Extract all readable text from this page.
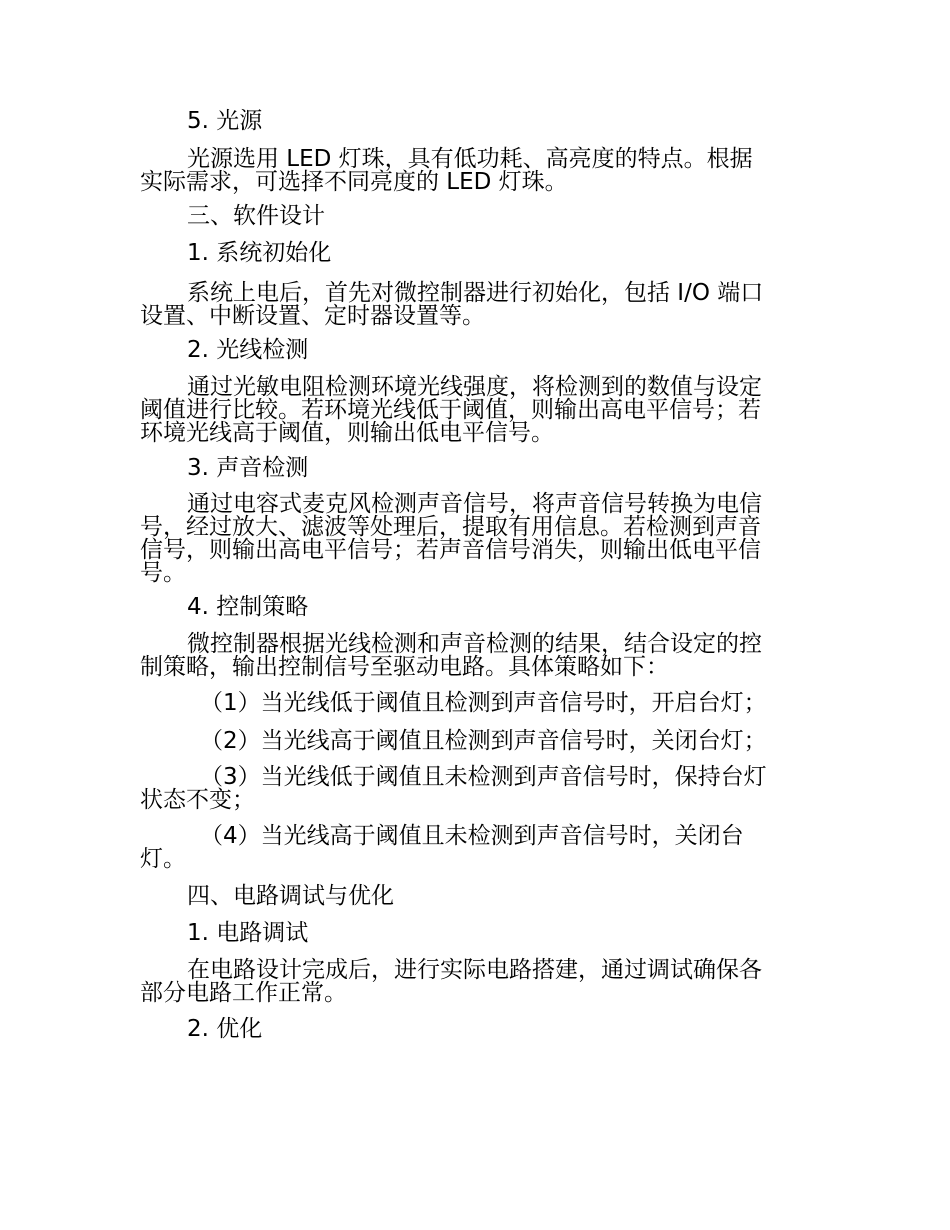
5. 光源
光源选用 LED 灯珠，具有低功耗、高亮度的特点。根据
实际需求，可选择不同亮度的 LED 灯珠。
三、软件设计
1. 系统初始化
系统上电后，首先对微控制器进行初始化，包括 I/O 端口
设置、中断设置、定时器设置等。
2. 光线检测
通过光敏电阻检测环境光线强度，将检测到的数值与设定
阈值进行比较。若环境光线低于阈值，则输出高电平信号；若
环境光线高于阈值，则输出低电平信号。
3. 声音检测
通过电容式麦克风检测声音信号，将声音信号转换为电信
号，经过放大、滤波等处理后，提取有用信息。若检测到声音
信号，则输出高电平信号；若声音信号消失，则输出低电平信
号。
4. 控制策略
微控制器根据光线检测和声音检测的结果，结合设定的控
制策略，输出控制信号至驱动电路。具体策略如下：
（1）当光线低于阈值且检测到声音信号时，开启台灯；
（2）当光线高于阈值且检测到声音信号时，关闭台灯；
（3）当光线低于阈值且未检测到声音信号时，保持台灯
状态不变；
（4）当光线高于阈值且未检测到声音信号时，关闭台
灯。
四、电路调试与优化
1. 电路调试
在电路设计完成后，进行实际电路搭建，通过调试确保各
部分电路工作正常。
2. 优化
